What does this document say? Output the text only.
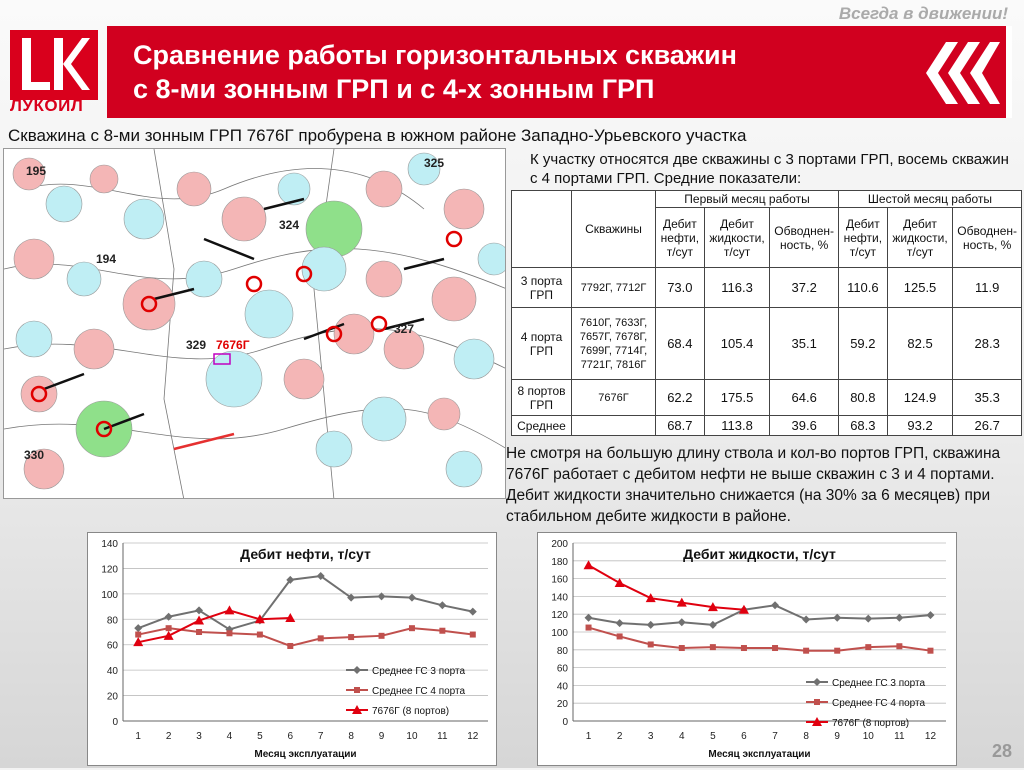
Всегда в движении!
ЛУКОЙЛ
Сравнение работы горизонтальных скважин
с 8-ми зонным ГРП и с 4-х зонным ГРП
Скважина с 8-ми зонным ГРП 7676Г пробурена в южном районе Западно-Урьевского участка
195
325
324
194
327
329
330
7676Г
К участку относятся две скважины с 3 портами ГРП, восемь скважин с 4 портами ГРП. Средние показатели:
	Скважины	Первый месяц работы			Шестой месяц работы		
		Дебит нефти, т/сут	Дебит жидкости, т/сут	Обводнен-ность, %	Дебит нефти, т/сут	Дебит жидкости, т/сут	Обводнен-ность, %
3 порта ГРП	7792Г, 7712Г	73.0	116.3	37.2	110.6	125.5	11.9
4 порта ГРП	7610Г, 7633Г, 7657Г, 7678Г, 7699Г, 7714Г, 7721Г, 7816Г	68.4	105.4	35.1	59.2	82.5	28.3
8 портов ГРП	7676Г	62.2	175.5	64.6	80.8	124.9	35.3
Среднее		68.7	113.8	39.6	68.3	93.2	26.7
Не смотря на большую длину ствола и кол-во портов ГРП, скважина 7676Г работает с дебитом нефти не выше скважин с 3 и 4 портами. Дебит жидкости значительно снижается (на 30% за 6 месяцев) при стабильном дебите жидкости в районе.
0
20
40
60
80
100
120
140
1 2 3 4 5 6 7 8 9 10 11 12
Дебит нефти, т/сут
Месяц эксплуатации
Среднее ГС 3 порта
Среднее ГС 4 порта
7676Г (8 портов)
0
20
40
60
80
100
120
140
160
180
200
1	2	3	4	5	6	7	8	9 10 11 12
Дебит жидкости, т/сут
Месяц эксплуатации
Среднее ГС 3 порта
Среднее ГС 4 порта
7676Г (8 портов)
28
